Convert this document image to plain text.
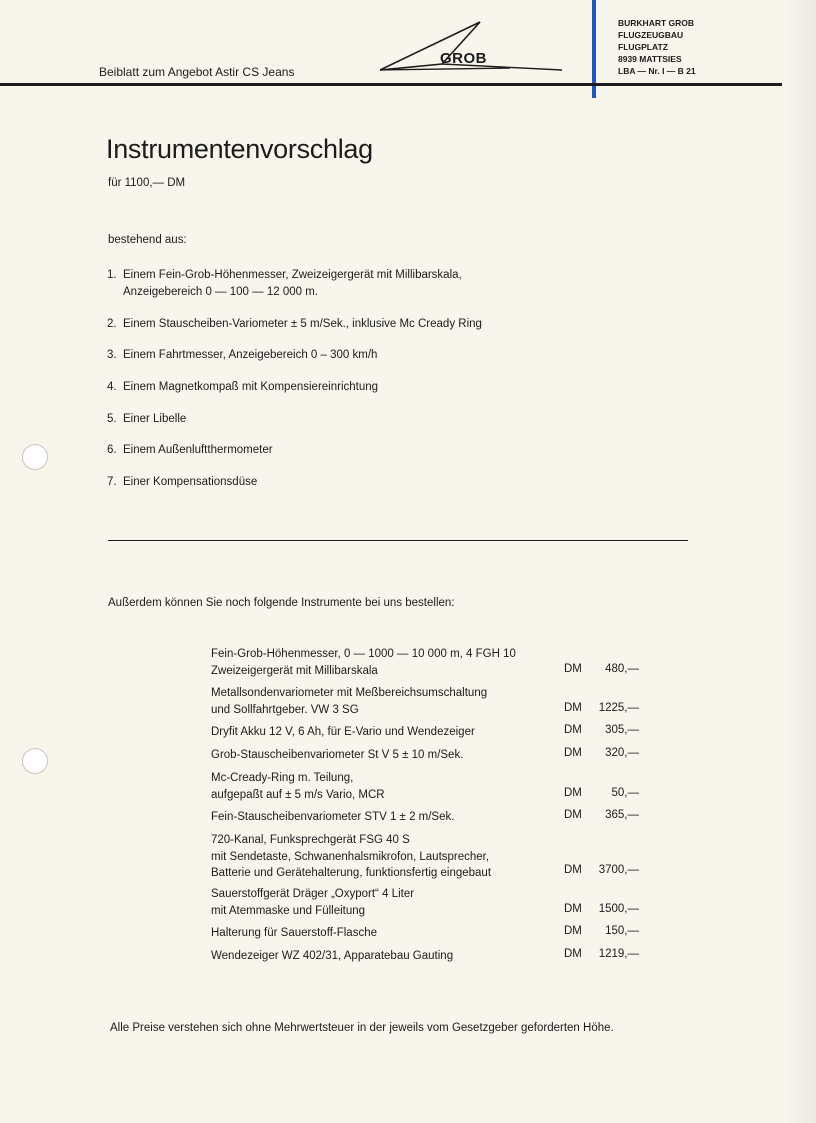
Beiblatt zum Angebot Astir CS Jeans
GROB
BURKHART GROB
FLUGZEUGBAU
FLUGPLATZ
8939 MATTSIES
LBA — Nr. I — B 21
Instrumentenvorschlag
für 1100,— DM
bestehend aus:
1. Einem Fein-Grob-Höhenmesser, Zweizeigergerät mit Millibarskala,
Anzeigebereich 0 — 100 — 12 000 m.
2. Einem Stauscheiben-Variometer ± 5 m/Sek., inklusive Mc Cready Ring
3. Einem Fahrtmesser, Anzeigebereich 0 – 300 km/h
4. Einem Magnetkompaß mit Kompensiereinrichtung
5. Einer Libelle
6. Einem Außenluftthermometer
7. Einer Kompensationsdüse
Außerdem können Sie noch folgende Instrumente bei uns bestellen:
Fein-Grob-Höhenmesser, 0 — 1000 — 10 000 m, 4 FGH 10
Zweizeigergerät mit Millibarskala	DM 480,—
Metallsondenvariometer mit Meßbereichsumschaltung
und Sollfahrtgeber. VW 3 SG	DM 1225,—
Dryfit Akku 12 V, 6 Ah, für E-Vario und Wendezeiger	DM 305,—
Grob-Stauscheibenvariometer St V 5 ± 10 m/Sek.	DM 320,—
Mc-Cready-Ring m. Teilung,
aufgepaßt auf ± 5 m/s Vario, MCR	DM	50,—
Fein-Stauscheibenvariometer STV 1 ± 2 m/Sek.	DM 365,—
720-Kanal, Funksprechgerät FSG 40 S
mit Sendetaste, Schwanenhalsmikrofon, Lautsprecher,
Batterie und Gerätehalterung, funktionsfertig eingebaut	DM 3700,—
Sauerstoffgerät Dräger „Oxyport“ 4 Liter
mit Atemmaske und Fülleitung	DM 1500,—
Halterung für Sauerstoff-Flasche	DM 150,—
Wendezeiger WZ 402/31, Apparatebau Gauting	DM 1219,—
Alle Preise verstehen sich ohne Mehrwertsteuer in der jeweils vom Gesetzgeber geforderten Höhe.
